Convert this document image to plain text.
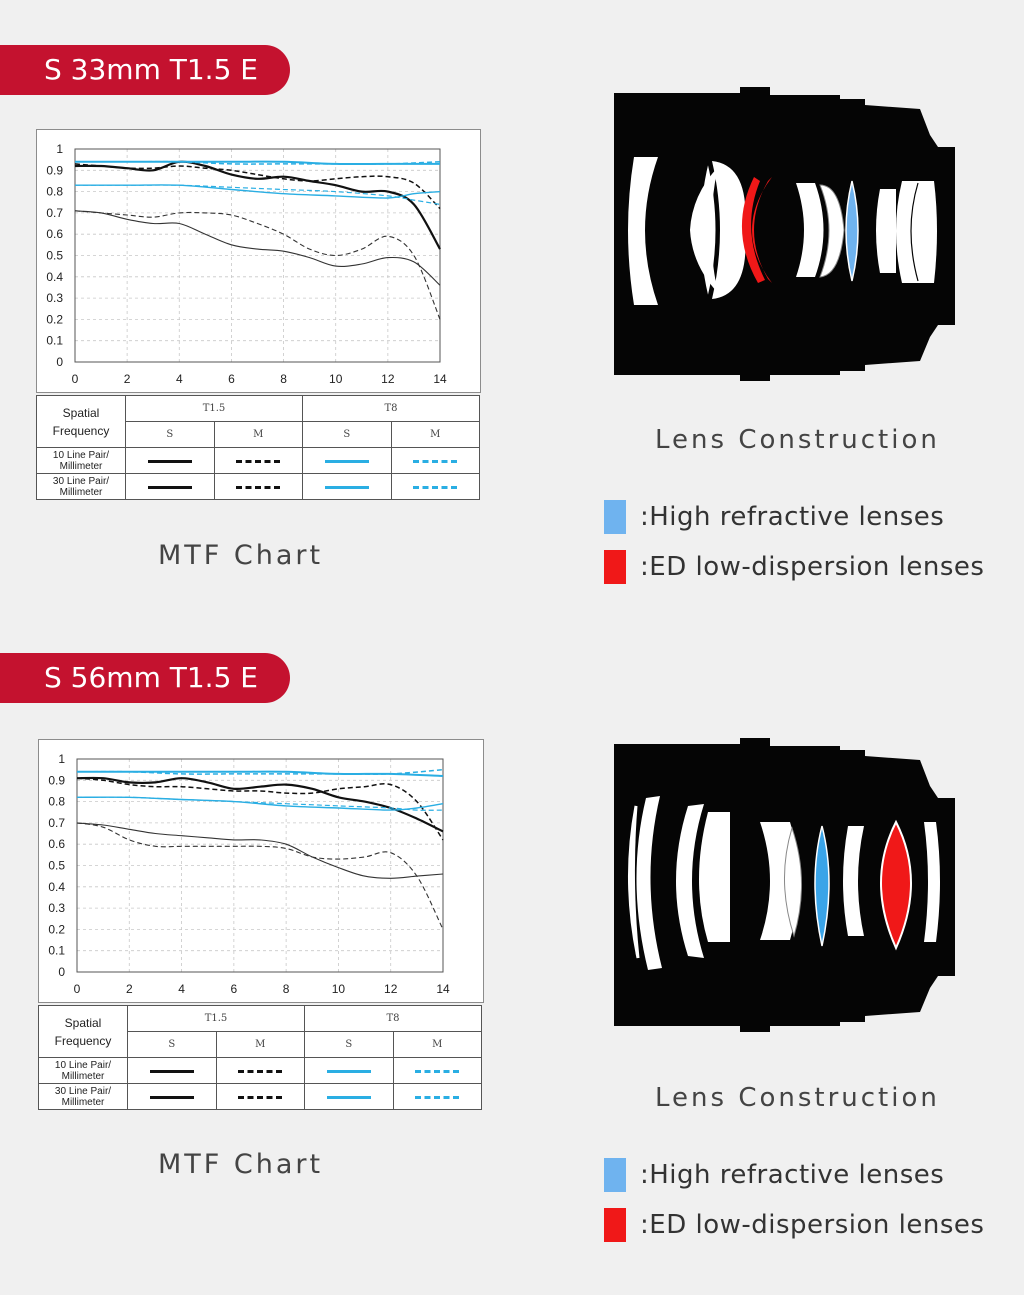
S 33mm T1.5 E
0
0.1
0.2
0.3
0.4
0.5
0.6
0.7
0.8
0.9
1
0	2	4	6	8	10	12	14
Spatial
Frequency	T1.5		T8	
	S	M	S	M
10 Line Pair/
Millimeter				
30 Line Pair/
Millimeter				
MTF Chart
Lens Construction
:High refractive lenses
:ED low-dispersion lenses
S 56mm T1.5 E
0
0.1
0.2
0.3
0.4
0.5
0.6
0.7
0.8
0.9
1
0	2	4	6	8	10	12	14
Spatial
Frequency	T1.5		T8	
	S	M	S	M
10 Line Pair/
Millimeter				
30 Line Pair/
Millimeter				
MTF Chart
Lens Construction
:High refractive lenses
:ED low-dispersion lenses
